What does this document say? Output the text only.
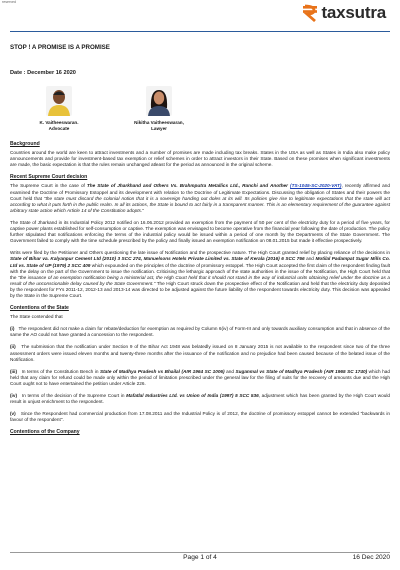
reserved
taxsutra
STOP ! A PROMISE IS A PROMISE
Date : December 16 2020
K. Vaitheeswaran.
Advocate
Nikitha Vaitheeswaran,
Lawyer
Background

Countries around the world are keen to attract investments and a number of promises are made including tax breaks. States in the USA as well as States in India also make policy announcements and provide for investment-based tax exemption or relief schemes in order to attract investors in their State. Based on these promises when significant investments are made, the basic expectation is that the rules remain unchanged atleast for the period as announced in the original scheme.

Recent Supreme Court decision

The Supreme Court in the case of The State of Jharkhand and Others Vs. Brahmputra Metallics Ltd., Ranchi and Another (TS-1045-SC-2020-VAT), recently affirmed and examined the Doctrine of Promissory Estoppel and its development with relation to the Doctrine of Legitimate Expectations. Discussing the obligation of States and their powers the Court held that "the state must discard the colonial notion that it is a sovereign handing out doles at its will. Its policies give rise to legitimate expectations that the state will act according to what it puts forth in the public realm. In all its actions, the State is bound to act fairly in a transparent manner. This is an elementary requirement of the guarantee against arbitrary state action which Article 14 of the Constitution adopts."

The State of Jharkand in its Industrial Policy 2012 notified on 16.06.2012 provided an exemption from the payment of 50 per cent of the electricity duty for a period of five years, for captive power plants established for self-consumption or captive. The exemption was envisaged to become operative from the financial year following the date of production. The policy further stipulated that notifications enforcing the terms of the industrial policy would be issued within a period of one month by the Departments of the State Government. The Government failed to comply with the time schedule prescribed by the policy and finally issued an exemption notification on 08.01.2015 but made it effective prospectively.

Writs were filed by the Petitioner and Others questioning the late issue of Notification and the prospective nature. The High Court granted relief by placing reliance of the decisions in State of Bihar va. Kalyanpur Cement Ltd (2010) 3 SCC 274, Manuelsons Hotels Private Limited vs. State of Kerala (2016) 6 SCC 766 and Motilal Padampat Sugar Mills Co. Ltd vs. State of UP (1979) 2 SCC 409 which expounded on the principles of the doctrine of promissory estoppel. The High Court accepted the first claim of the respondent finding fault with the delay on the part of the Government to issue the notification. Criticising the lethargic approach of the state authorities in the issue of the Notification, the High Court held that the "the issuance of an exemption notification being a ministerial act, the High Court held that it should not stand in the way of industrial units obtaining relief under the doctrine as a result of the unconscionable delay caused by the State Government." The High Court struck down the prospective effect of the Notification and held that the electricity duty deposited by the respondent for FYs 2011-12, 2012-13 and 2013-14 was directed to be adjusted against the future liability of the respondent towards electricity duty. This decision was appealed by the State in the Supreme Court.

Contentions of the State

The State contended that

(i) The respondent did not make a claim for rebate/deduction for exemption as required by Column 6(iv) of Form-III and only towards auxiliary consumption and that in absence of the same the AO could not have granted a concession to the respondent.

(ii) The submission that the notification under Section 9 of the Bihar Act 1948 was belatedly issued on 8 January 2015 is not available to the respondent since two of the three assessment orders were issued eleven months and twenty-three months after the issuance of the notification and no prejudice had been caused because of the belated issue of the Notification.

(iii) In terms of the Constitution Bench in State of Madhya Pradesh vs Bhailal (AIR 1964 SC 1006) and Suganmal vs State of Madhya Pradesh (AIR 1965 SC 1740) which had held that any claim for refund could be made only within the period of limitation prescribed under the general law for the filing of suits for the recovery of amounts due and the High Court ought not to have entertained the petition under Article 226.

(iv) In terms of the decision of the Supreme Court in Mafatlal Industries Ltd. vs Union of India (1997) 5 SCC 536, adjustment which has been granted by the High Court would result in unjust enrichment to the respondent.

(v) Since the Respondent had commercial production from 17.08.2011 and the Industrial Policy is of 2012, the doctrine of promissory estoppel cannot be extended "backwards in favour of the respondent".

Contentions of the Company
Page 1 of 4	16 Dec 2020
